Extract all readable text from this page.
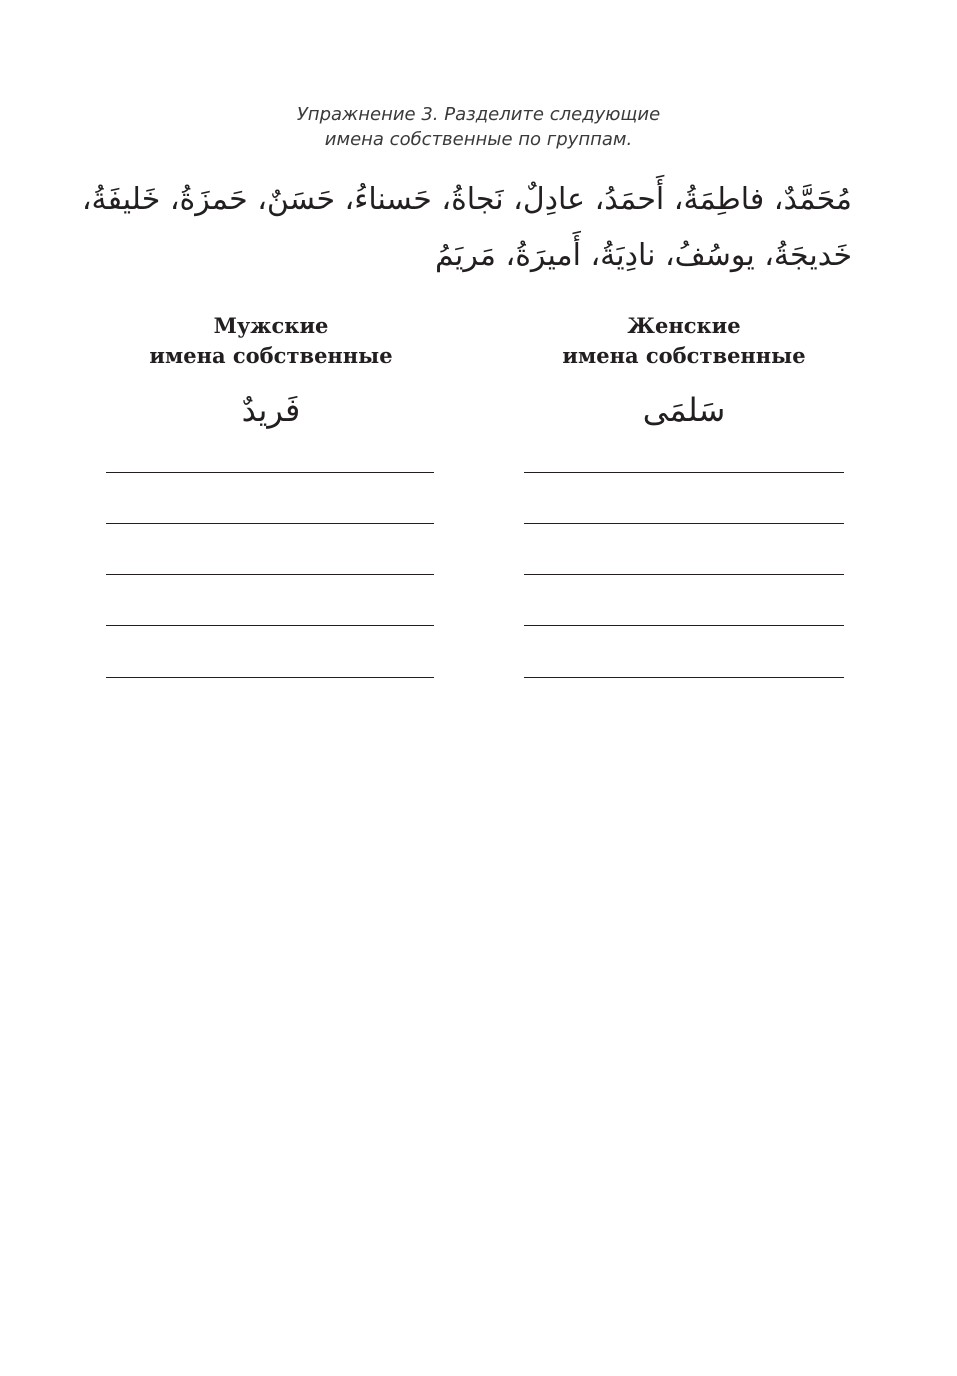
Упражнение 3. Разделите следующие
имена собственные по группам.
مُحَمَّدٌ، فاطِمَةُ، أَحمَدُ، عادِلٌ، نَجاةُ، حَسناءُ، حَسَنٌ، حَمزَةُ، خَليفَةُ،
خَديجَةُ، يوسُفُ، نادِيَةُ، أَميرَةُ، مَريَمُ
Мужские
имена собственные
Женские
имена собственные
فَريدٌ	سَلمَى
